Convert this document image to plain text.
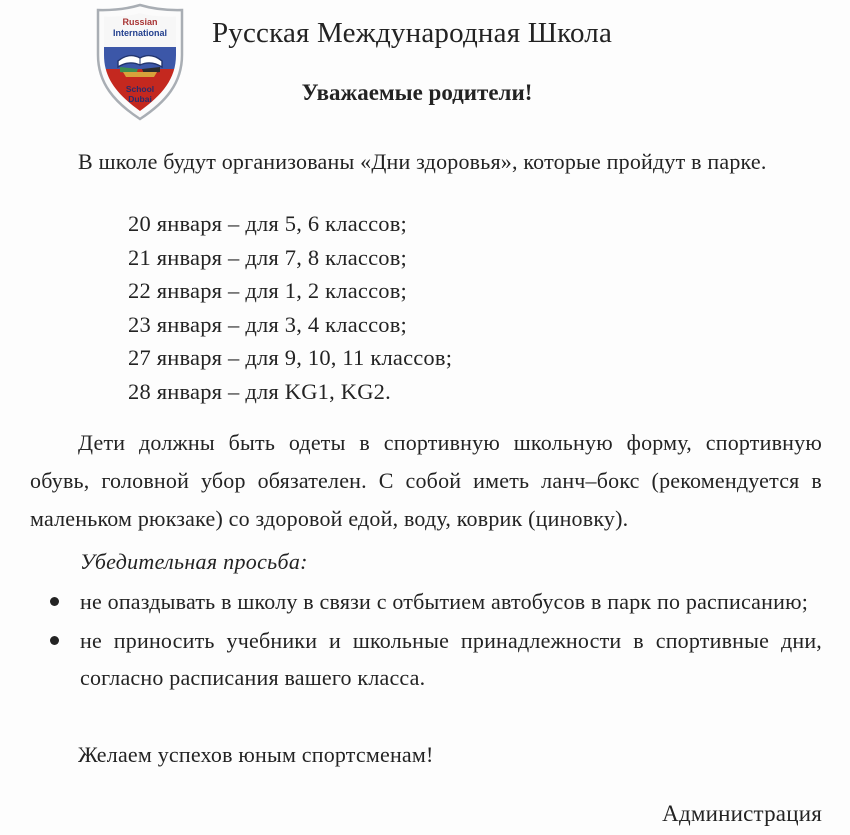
Russian
International
School
Dubai
Русская Международная Школа
Уважаемые родители!
В школе будут организованы «Дни здоровья», которые пройдут в парке.
20 января – для 5, 6 классов;
21 января – для 7, 8 классов;
22 января – для 1, 2 классов;
23 января – для 3, 4 классов;
27 января – для 9, 10, 11 классов;
28 января – для KG1, KG2.
Дети должны быть одеты в спортивную школьную форму, спортивную обувь, головной убор обязателен. С собой иметь ланч–бокс (рекомендуется в маленьком рюкзаке) со здоровой едой, воду, коврик (циновку).
Убедительная просьба:
не опаздывать в школу в связи с отбытием автобусов в парк по расписанию;
не приносить учебники и школьные принадлежности в спортивные дни, согласно расписания вашего класса.
Желаем успехов юным спортсменам!
Администрация
